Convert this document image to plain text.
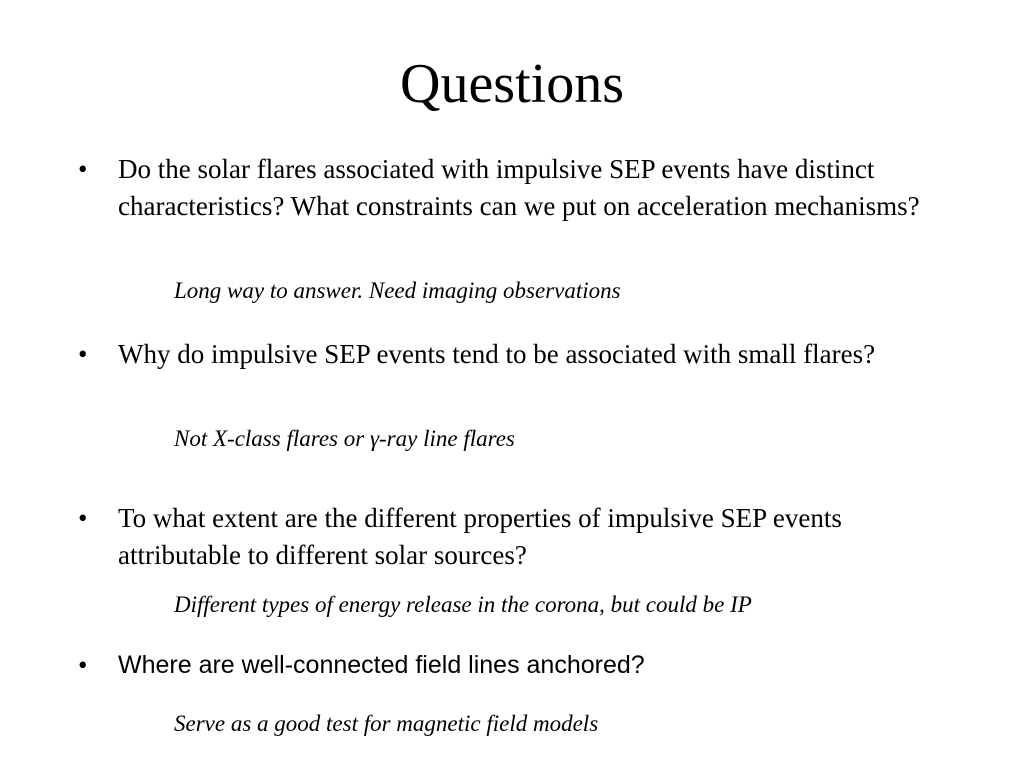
Questions
•	Do the solar flares associated with impulsive SEP events have distinct characteristics? What constraints can we put on acceleration mechanisms?
Long way to answer. Need imaging observations
•	Why do impulsive SEP events tend to be associated with small flares?
Not X-class flares or γ-ray line flares
•	To what extent are the different properties of impulsive SEP events attributable to different solar sources?
Different types of energy release in the corona, but could be IP
•	Where are well-connected field lines anchored?
Serve as a good test for magnetic field models
